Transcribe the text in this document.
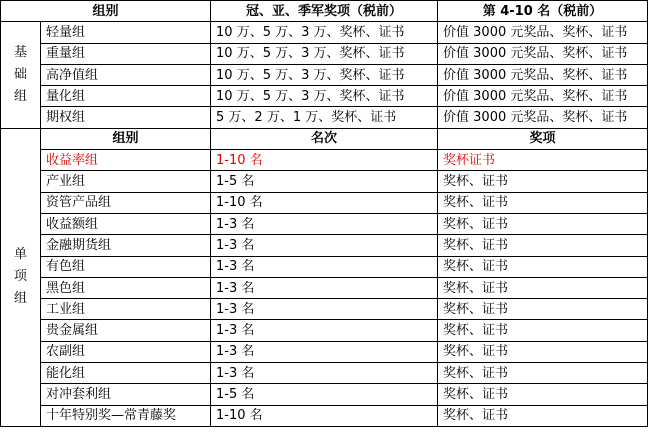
组别		冠、亚、季军奖项（税前）	第 4-10 名（税前）

基
础
组	轻量组	10 万、5 万、3 万、奖杯、证书	价值 3000 元奖品、奖杯、证书
	重量组	10 万、5 万、3 万、奖杯、证书	价值 3000 元奖品、奖杯、证书
	高净值组	10 万、5 万、3 万、奖杯、证书	价值 3000 元奖品、奖杯、证书
	量化组	10 万、5 万、3 万、奖杯、证书	价值 3000 元奖品、奖杯、证书
	期权组	5 万、2 万、1 万、奖杯、证书	价值 3000 元奖品、奖杯、证书

单
项
组	组别	名次	奖项
	收益率组	1-10 名	奖杯证书
	产业组	1-5 名	奖杯、证书
	资管产品组	1-10 名	奖杯、证书
	收益额组	1-3 名	奖杯、证书
	金融期货组	1-3 名	奖杯、证书
	有色组	1-3 名	奖杯、证书
	黑色组	1-3 名	奖杯、证书
	工业组	1-3 名	奖杯、证书
	贵金属组	1-3 名	奖杯、证书
	农副组	1-3 名	奖杯、证书
	能化组	1-3 名	奖杯、证书
	对冲套利组	1-5 名	奖杯、证书
	十年特别奖—常青藤奖	1-10 名	奖杯、证书
